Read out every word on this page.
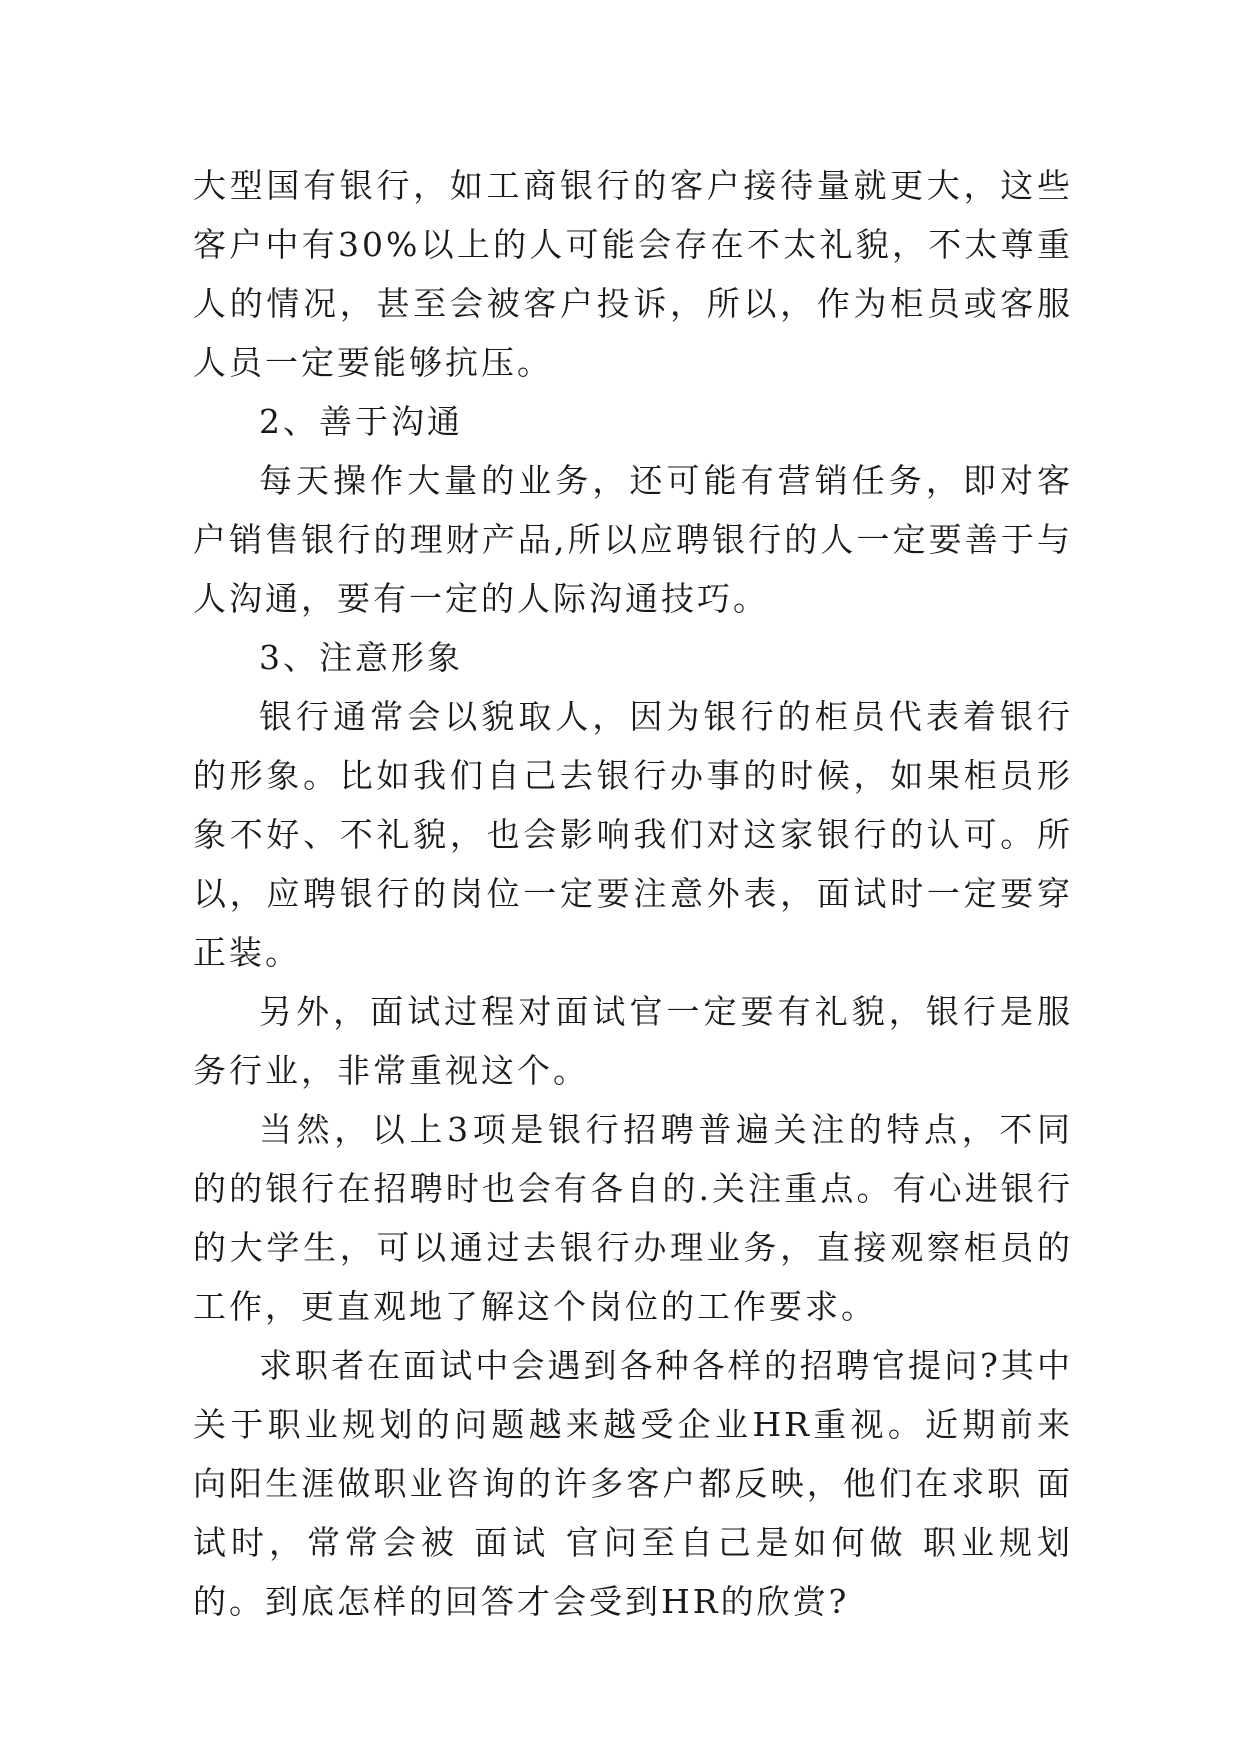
大型国有银行，如工商银行的客户接待量就更大，这些客户中有30%以上的人可能会存在不太礼貌，不太尊重人的情况，甚至会被客户投诉，所以，作为柜员或客服人员一定要能够抗压。

2、善于沟通

每天操作大量的业务，还可能有营销任务，即对客户销售银行的理财产品,所以应聘银行的人一定要善于与人沟通，要有一定的人际沟通技巧。

3、注意形象

银行通常会以貌取人，因为银行的柜员代表着银行的形象。比如我们自己去银行办事的时候，如果柜员形象不好、不礼貌，也会影响我们对这家银行的认可。所以，应聘银行的岗位一定要注意外表，面试时一定要穿正装。

另外，面试过程对面试官一定要有礼貌，银行是服务行业，非常重视这个。

当然，以上3项是银行招聘普遍关注的特点，不同的的银行在招聘时也会有各自的.关注重点。有心进银行的大学生，可以通过去银行办理业务，直接观察柜员的工作，更直观地了解这个岗位的工作要求。

求职者在面试中会遇到各种各样的招聘官提问?其中关于职业规划的问题越来越受企业HR重视。近期前来向阳生涯做职业咨询的许多客户都反映，他们在求职 面试时，常常会被 面试 官问至自己是如何做 职业规划 的。到底怎样的回答才会受到HR的欣赏?
